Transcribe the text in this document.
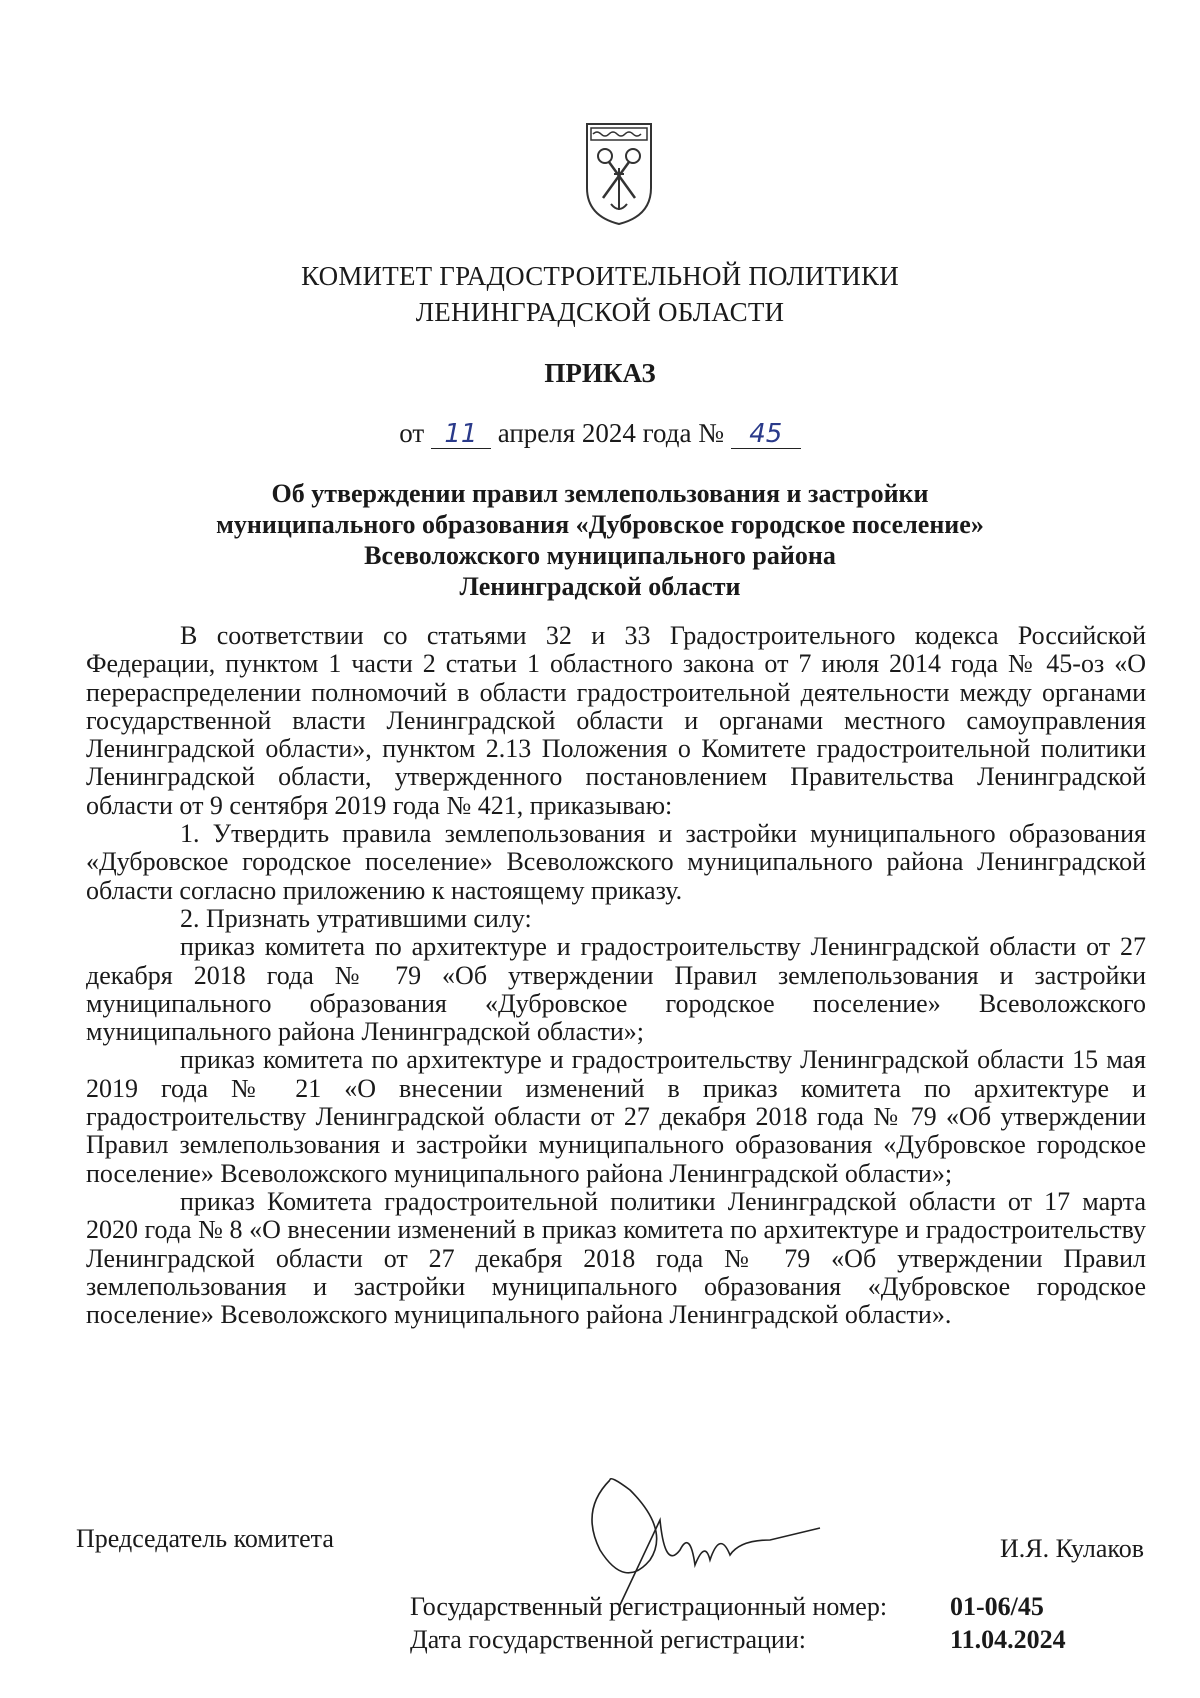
КОМИТЕТ ГРАДОСТРОИТЕЛЬНОЙ ПОЛИТИКИ
ЛЕНИНГРАДСКОЙ ОБЛАСТИ
ПРИКАЗ
от 11 апреля 2024 года № 45
Об утверждении правил землепользования и застройки
муниципального образования «Дубровское городское поселение»
Всеволожского муниципального района
Ленинградской области

В соответствии со статьями 32 и 33 Градостроительного кодекса Российской Федерации, пунктом 1 части 2 статьи 1 областного закона от 7 июля 2014 года № 45-оз «О перераспределении полномочий в области градостроительной деятельности между органами государственной власти Ленинградской области и органами местного самоуправления Ленинградской области», пунктом 2.13 Положения о Комитете градостроительной политики Ленинградской области, утвержденного постановлением Правительства Ленинградской области от 9 сентября 2019 года № 421, приказываю:

1. Утвердить правила землепользования и застройки муниципального образования «Дубровское городское поселение» Всеволожского муниципального района Ленинградской области согласно приложению к настоящему приказу.

2. Признать утратившими силу:

приказ комитета по архитектуре и градостроительству Ленинградской области от 27 декабря 2018 года № 79 «Об утверждении Правил землепользования и застройки муниципального образования «Дубровское городское поселение» Всеволожского муниципального района Ленинградской области»;

приказ комитета по архитектуре и градостроительству Ленинградской области 15 мая 2019 года № 21 «О внесении изменений в приказ комитета по архитектуре и градостроительству Ленинградской области от 27 декабря 2018 года № 79 «Об утверждении Правил землепользования и застройки муниципального образования «Дубровское городское поселение» Всеволожского муниципального района Ленинградской области»;

приказ Комитета градостроительной политики Ленинградской области от 17 марта 2020 года № 8 «О внесении изменений в приказ комитета по архитектуре и градостроительству Ленинградской области от 27 декабря 2018 года № 79 «Об утверждении Правил землепользования и застройки муниципального образования «Дубровское городское поселение» Всеволожского муниципального района Ленинградской области».

Председатель комитета	И.Я. Кулаков
Государственный регистрационный номер:	01-06/45
Дата государственной регистрации:	11.04.2024
